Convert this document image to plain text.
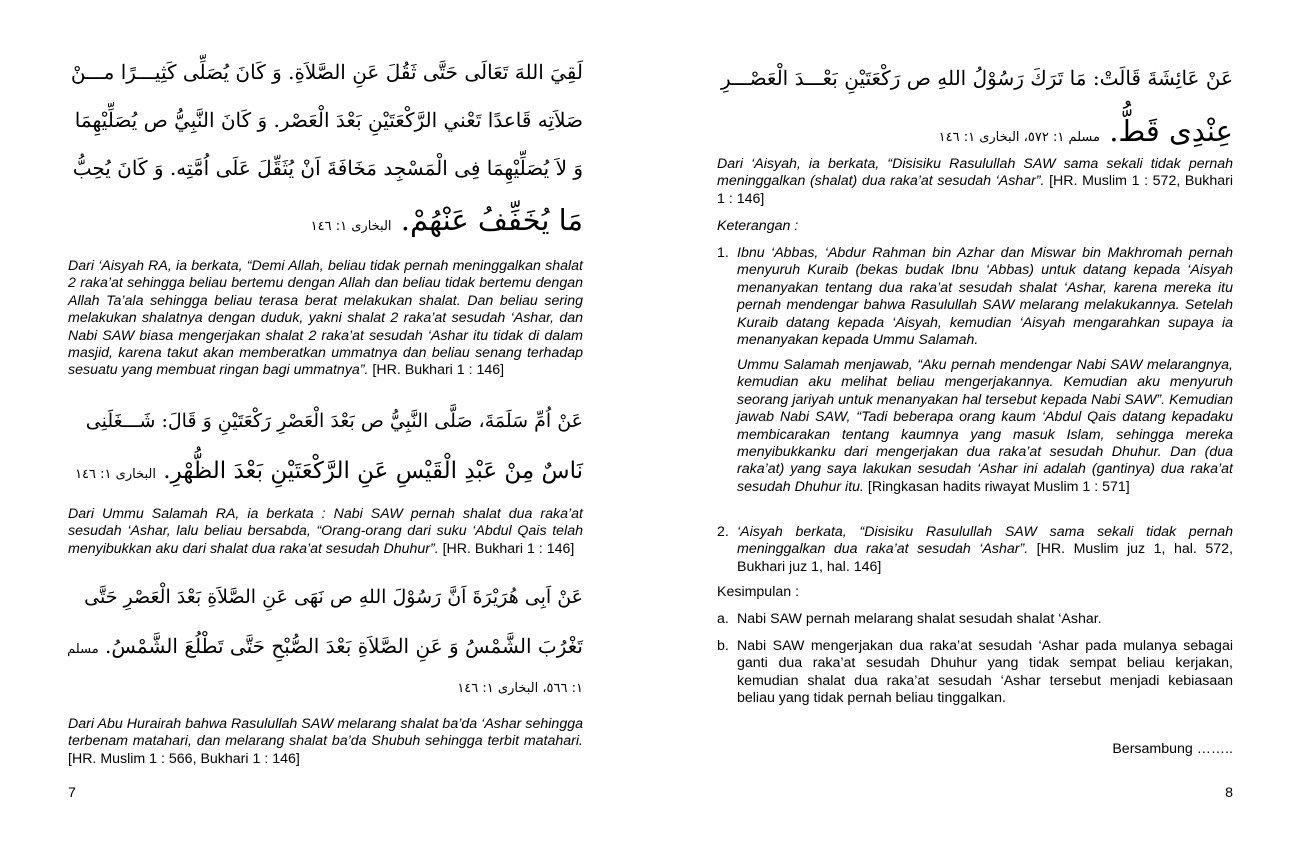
لَقِيَ اللهَ تَعَالَى حَتَّى ثَقُلَ عَنِ الصَّلاَةِ. وَ كَانَ يُصَلِّى كَثِيـــرًا مـــنْ
صَلاَتِه قَاعدًا تَعْني الرَّكْعَتَيْنِ بَعْدَ الْعَصْر. وَ كَانَ النَّبِيُّ ص يُصَلِّيْهِمَا
وَ لاَ يُصَلِّيْهِمَا فِى الْمَسْجِد مَخَافَةَ اَنْ يُثَقِّلَ عَلَى اُمَّتِه. وَ كَانَ يُحِبُّ
مَا يُخَفِّفُ عَنْهُمْ. البخارى ١: ١٤٦
Dari ‘Aisyah RA, ia berkata, “Demi Allah, beliau tidak pernah meninggalkan shalat 2 raka’at sehingga beliau bertemu dengan Allah dan beliau tidak bertemu dengan Allah Ta’ala sehingga beliau terasa berat melakukan shalat. Dan beliau sering melakukan shalatnya dengan duduk, yakni shalat 2 raka’at sesudah ‘Ashar, dan Nabi SAW biasa mengerjakan shalat 2 raka’at sesudah ‘Ashar itu tidak di dalam masjid, karena takut akan memberatkan ummatnya dan beliau senang terhadap sesuatu yang membuat ringan bagi ummatnya”. [HR. Bukhari 1 : 146]
عَنْ اُمِّ سَلَمَةَ، صَلَّى النَّبِيُّ ص بَعْدَ الْعَصْرِ رَكْعَتَيْنِ وَ قَالَ: شَـــغَلَنِى
نَاسٌ مِنْ عَبْدِ الْقَيْسِ عَنِ الرَّكْعَتَيْنِ بَعْدَ الظُّهْرِ. البخارى ١: ١٤٦
Dari Ummu Salamah RA, ia berkata : Nabi SAW pernah shalat dua raka’at sesudah ‘Ashar, lalu beliau bersabda, “Orang-orang dari suku ‘Abdul Qais telah menyibukkan aku dari shalat dua raka’at sesudah Dhuhur”. [HR. Bukhari 1 : 146]
عَنْ اَبِى هُرَيْرَةَ اَنَّ رَسُوْلَ اللهِ ص نَهَى عَنِ الصَّلاَةِ بَعْدَ الْعَصْرِ حَتَّى
تَغْرُبَ الشَّمْسُ وَ عَنِ الصَّلاَةِ بَعْدَ الصُّبْحِ حَتَّى تَطْلُعَ الشَّمْسُ. مسلم
١: ٥٦٦، البخارى ١: ١٤٦
Dari Abu Hurairah bahwa Rasulullah SAW melarang shalat ba’da ‘Ashar sehingga terbenam matahari, dan melarang shalat ba’da Shubuh sehingga terbit matahari. [HR. Muslim 1 : 566, Bukhari 1 : 146]
7
عَنْ عَائِشَةَ قَالَتْ: مَا تَرَكَ رَسُوْلُ اللهِ ص رَكْعَتَيْنِ بَعْـــدَ الْعَصْـــرِ
عِنْدِى قَطُّ. مسلم ١: ٥٧٢، البخارى ١: ١٤٦
Dari ‘Aisyah, ia berkata, “Disisiku Rasulullah SAW sama sekali tidak pernah meninggalkan (shalat) dua raka’at sesudah ‘Ashar”. [HR. Muslim 1 : 572, Bukhari 1 : 146]
Keterangan :
1. Ibnu ‘Abbas, ‘Abdur Rahman bin Azhar dan Miswar bin Makhromah pernah menyuruh Kuraib (bekas budak Ibnu ‘Abbas) untuk datang kepada ‘Aisyah menanyakan tentang dua raka’at sesudah shalat ‘Ashar, karena mereka itu pernah mendengar bahwa Rasulullah SAW melarang melakukannya. Setelah Kuraib datang kepada ‘Aisyah, kemudian ‘Aisyah mengarahkan supaya ia menanyakan kepada Ummu Salamah.
Ummu Salamah menjawab, “Aku pernah mendengar Nabi SAW melarangnya, kemudian aku melihat beliau mengerjakannya. Kemudian aku menyuruh seorang jariyah untuk menanyakan hal tersebut kepada Nabi SAW”. Kemudian jawab Nabi SAW, “Tadi beberapa orang kaum ‘Abdul Qais datang kepadaku membicarakan tentang kaumnya yang masuk Islam, sehingga mereka menyibukkanku dari mengerjakan dua raka’at sesudah Dhuhur. Dan (dua raka’at) yang saya lakukan sesudah ‘Ashar ini adalah (gantinya) dua raka’at sesudah Dhuhur itu. [Ringkasan hadits riwayat Muslim 1 : 571]
2. ‘Aisyah berkata, “Disisiku Rasulullah SAW sama sekali tidak pernah meninggalkan dua raka’at sesudah ‘Ashar”. [HR. Muslim juz 1, hal. 572, Bukhari juz 1, hal. 146]
Kesimpulan :
a. Nabi SAW pernah melarang shalat sesudah shalat ‘Ashar.
b. Nabi SAW mengerjakan dua raka’at sesudah ‘Ashar pada mulanya sebagai ganti dua raka’at sesudah Dhuhur yang tidak sempat beliau kerjakan, kemudian shalat dua raka’at sesudah ‘Ashar tersebut menjadi kebiasaan beliau yang tidak pernah beliau tinggalkan.
Bersambung ……..
8
